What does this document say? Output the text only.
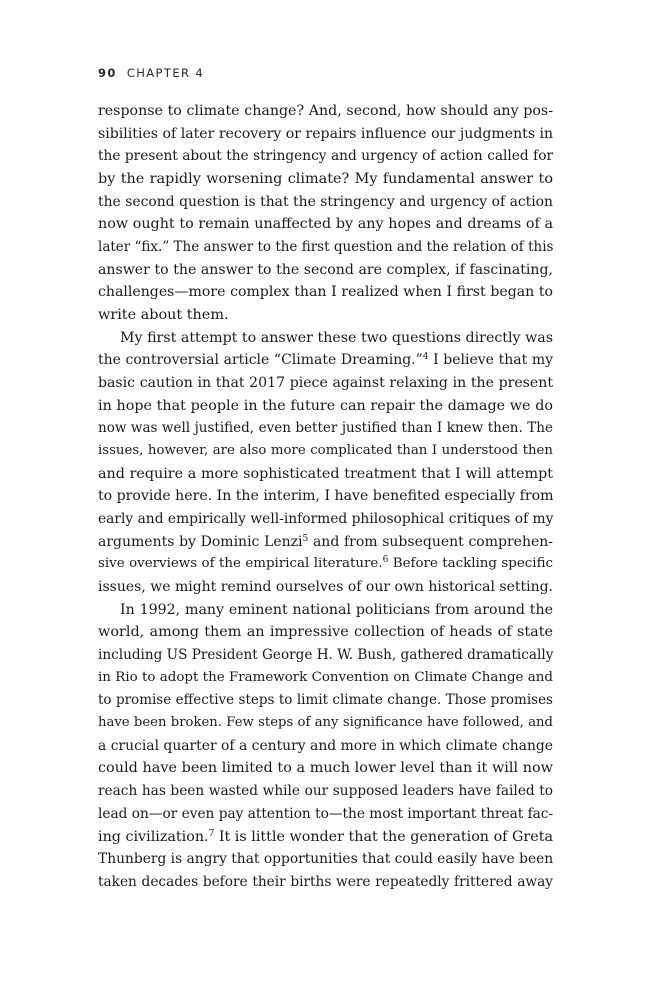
90 CHAPTER 4
response to climate change? And, second, how should any pos-
sibilities of later recovery or repairs influence our judgments in
the present about the stringency and urgency of action called for
by the rapidly worsening climate? My fundamental answer to
the second question is that the stringency and urgency of action
now ought to remain unaffected by any hopes and dreams of a
later “fix.” The answer to the first question and the relation of this
answer to the answer to the second are complex, if fascinating,
challenges—more complex than I realized when I first began to
write about them.
My first attempt to answer these two questions directly was
the controversial article “Climate Dreaming.”$^4$ I believe that my
basic caution in that 2017 piece against relaxing in the present
in hope that people in the future can repair the damage we do
now was well justified, even better justified than I knew then. The
issues, however, are also more complicated than I understood then
and require a more sophisticated treatment that I will attempt
to provide here. In the interim, I have benefited especially from
early and empirically well-informed philosophical critiques of my
arguments by Dominic Lenzi$^5$ and from subsequent comprehen-
sive overviews of the empirical literature.$^6$ Before tackling specific
issues, we might remind ourselves of our own historical setting.
In 1992, many eminent national politicians from around the
world, among them an impressive collection of heads of state
including US President George H. W. Bush, gathered dramatically
in Rio to adopt the Framework Convention on Climate Change and
to promise effective steps to limit climate change. Those promises
have been broken. Few steps of any significance have followed, and
a crucial quarter of a century and more in which climate change
could have been limited to a much lower level than it will now
reach has been wasted while our supposed leaders have failed to
lead on—or even pay attention to—the most important threat fac-
ing civilization.$^7$ It is little wonder that the generation of Greta
Thunberg is angry that opportunities that could easily have been
taken decades before their births were repeatedly frittered away
